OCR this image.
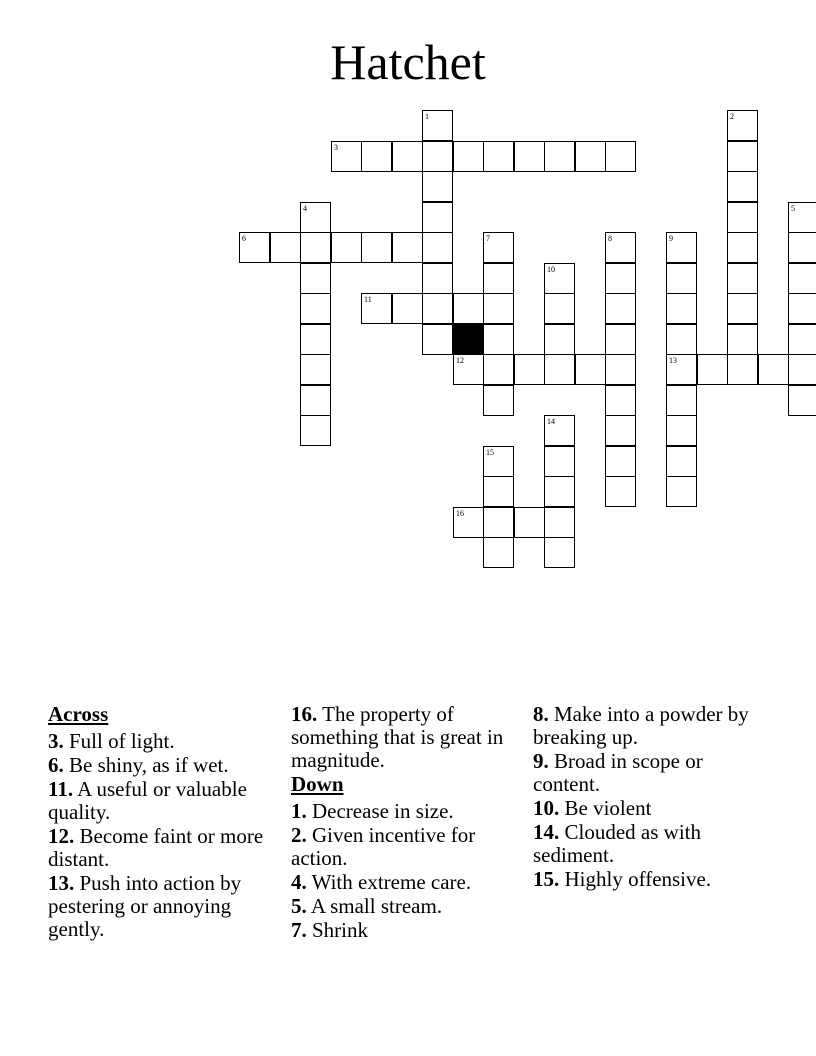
Hatchet
1	2
3
4	5
6	7	8	9
10
11
12	13
14
15
16
Across
3. Full of light.
6. Be shiny, as if wet.
11. A useful or valuable quality.
12. Become faint or more distant.
13. Push into action by pestering or annoying gently.
16. The property of something that is great in magnitude.
Down
1. Decrease in size.
2. Given incentive for action.
4. With extreme care.
5. A small stream.
7. Shrink
8. Make into a powder by breaking up.
9. Broad in scope or content.
10. Be violent
14. Clouded as with sediment.
15. Highly offensive.
